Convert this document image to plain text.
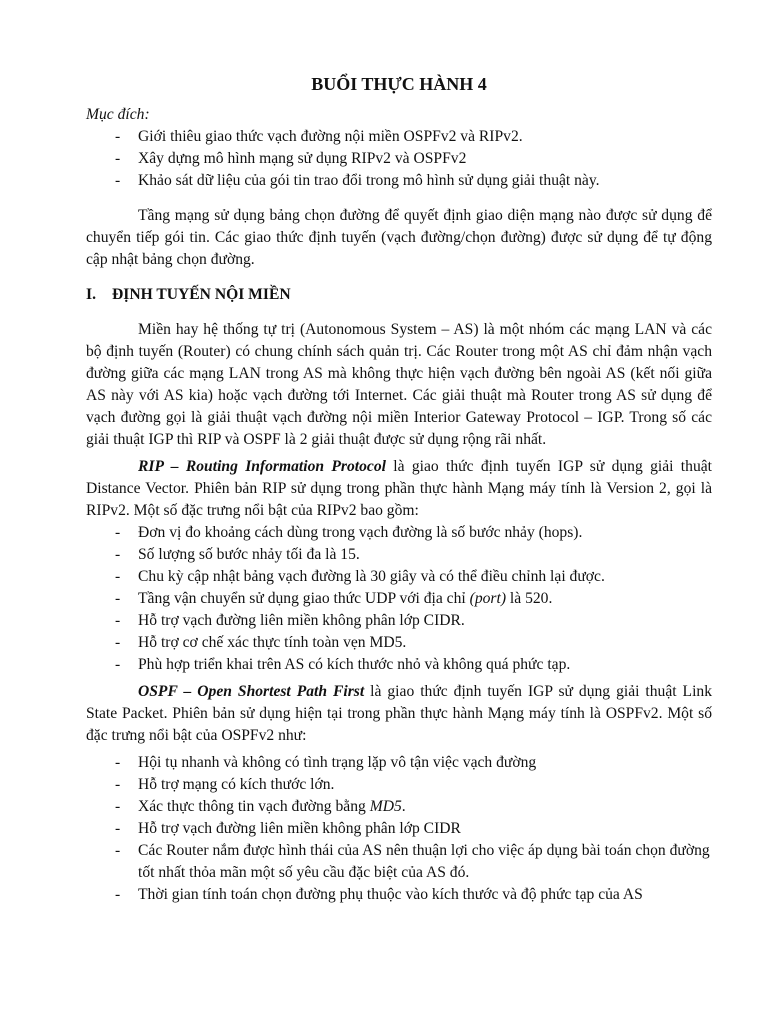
BUỔI THỰC HÀNH 4

Mục đích:

- Giới thiêu giao thức vạch đường nội miền OSPFv2 và RIPv2.
- Xây dựng mô hình mạng sử dụng RIPv2 và OSPFv2
- Khảo sát dữ liệu của gói tin trao đổi trong mô hình sử dụng giải thuật này.

Tầng mạng sử dụng bảng chọn đường để quyết định giao diện mạng nào được sử dụng để chuyển tiếp gói tin. Các giao thức định tuyến (vạch đường/chọn đường) được sử dụng để tự động cập nhật bảng chọn đường.

I. ĐỊNH TUYẾN NỘI MIỀN

Miền hay hệ thống tự trị (Autonomous System – AS) là một nhóm các mạng LAN và các bộ định tuyến (Router) có chung chính sách quản trị. Các Router trong một AS chỉ đảm nhận vạch đường giữa các mạng LAN trong AS mà không thực hiện vạch đường bên ngoài AS (kết nối giữa AS này với AS kia) hoặc vạch đường tới Internet. Các giải thuật mà Router trong AS sử dụng để vạch đường gọi là giải thuật vạch đường nội miền Interior Gateway Protocol – IGP. Trong số các giải thuật IGP thì RIP và OSPF là 2 giải thuật được sử dụng rộng rãi nhất.

RIP – Routing Information Protocol là giao thức định tuyến IGP sử dụng giải thuật Distance Vector. Phiên bản RIP sử dụng trong phần thực hành Mạng máy tính là Version 2, gọi là RIPv2. Một số đặc trưng nổi bật của RIPv2 bao gồm:

- Đơn vị đo khoảng cách dùng trong vạch đường là số bước nhảy (hops).
- Số lượng số bước nhảy tối đa là 15.
- Chu kỳ cập nhật bảng vạch đường là 30 giây và có thể điều chỉnh lại được.
- Tầng vận chuyển sử dụng giao thức UDP với địa chỉ (port) là 520.
- Hỗ trợ vạch đường liên miền không phân lớp CIDR.
- Hỗ trợ cơ chế xác thực tính toàn vẹn MD5.
- Phù hợp triển khai trên AS có kích thước nhỏ và không quá phức tạp.

OSPF – Open Shortest Path First là giao thức định tuyến IGP sử dụng giải thuật Link State Packet. Phiên bản sử dụng hiện tại trong phần thực hành Mạng máy tính là OSPFv2. Một số đặc trưng nổi bật của OSPFv2 như:

- Hội tụ nhanh và không có tình trạng lặp vô tận việc vạch đường
- Hỗ trợ mạng có kích thước lớn.
- Xác thực thông tin vạch đường bằng MD5.
- Hỗ trợ vạch đường liên miền không phân lớp CIDR
- Các Router nắm được hình thái của AS nên thuận lợi cho việc áp dụng bài toán chọn đường tốt nhất thỏa mãn một số yêu cầu đặc biệt của AS đó.
- Thời gian tính toán chọn đường phụ thuộc vào kích thước và độ phức tạp của AS
